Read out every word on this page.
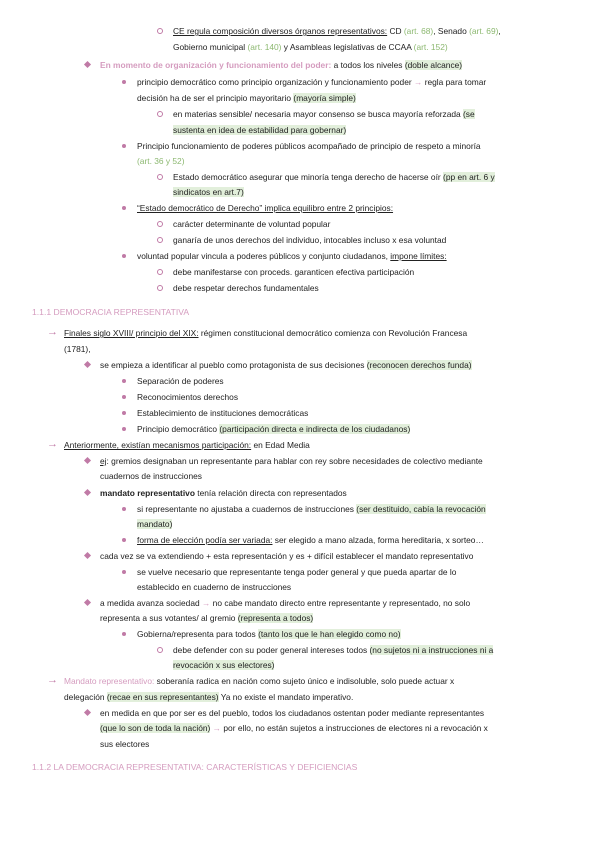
CE regula composición diversos órganos representativos: CD (art. 68), Senado (art. 69),
Gobierno municipal (art. 140) y Asambleas legislativas de CCAA (art. 152)
En momento de organización y funcionamiento del poder: a todos los niveles (doble alcance)
principio democrático como principio organización y funcionamiento poder → regla para tomar
decisión ha de ser el principio mayoritario (mayoría simple)
en materias sensible/ necesaria mayor consenso se busca mayoría reforzada (se
sustenta en idea de estabilidad para gobernar)
Principio funcionamiento de poderes públicos acompañado de principio de respeto a minoría
(art. 36 y 52)
Estado democrático asegurar que minoría tenga derecho de hacerse oír (pp en art. 6 y
sindicatos en art.7)
“Estado democrático de Derecho” implica equilibro entre 2 principios:
carácter determinante de voluntad popular
ganaría de unos derechos del individuo, intocables incluso x esa voluntad
voluntad popular vincula a poderes públicos y conjunto ciudadanos, impone límites:
debe manifestarse con proceds. garanticen efectiva participación
debe respetar derechos fundamentales
1.1.1 DEMOCRACIA REPRESENTATIVA
→ Finales siglo XVIII/ principio del XIX: régimen constitucional democrático comienza con Revolución Francesa
(1781),
se empieza a identificar al pueblo como protagonista de sus decisiones (reconocen derechos funda)
Separación de poderes
Reconocimientos derechos
Establecimiento de instituciones democráticas
Principio democrático (participación directa e indirecta de los ciudadanos)
→ Anteriormente, existían mecanismos participación: en Edad Media
ej: gremios designaban un representante para hablar con rey sobre necesidades de colectivo mediante
cuadernos de instrucciones
mandato representativo tenía relación directa con representados
si representante no ajustaba a cuadernos de instrucciones (ser destituido, cabía la revocación
mandato)
forma de elección podía ser variada: ser elegido a mano alzada, forma hereditaria, x sorteo…
cada vez se va extendiendo + esta representación y es + difícil establecer el mandato representativo
se vuelve necesario que representante tenga poder general y que pueda apartar de lo
establecido en cuaderno de instrucciones
a medida avanza sociedad → no cabe mandato directo entre representante y representado, no solo
representa a sus votantes/ al gremio (representa a todos)
Gobierna/representa para todos (tanto los que le han elegido como no)
debe defender con su poder general intereses todos (no sujetos ni a instrucciones ni a
revocación x sus electores)
→ Mandato representativo: soberanía radica en nación como sujeto único e indisoluble, solo puede actuar x
delegación (recae en sus representantes) Ya no existe el mandato imperativo.
en medida en que por ser es del pueblo, todos los ciudadanos ostentan poder mediante representantes
(que lo son de toda la nación) → por ello, no están sujetos a instrucciones de electores ni a revocación x
sus electores
1.1.2 LA DEMOCRACIA REPRESENTATIVA: CARACTERÍSTICAS Y DEFICIENCIAS
